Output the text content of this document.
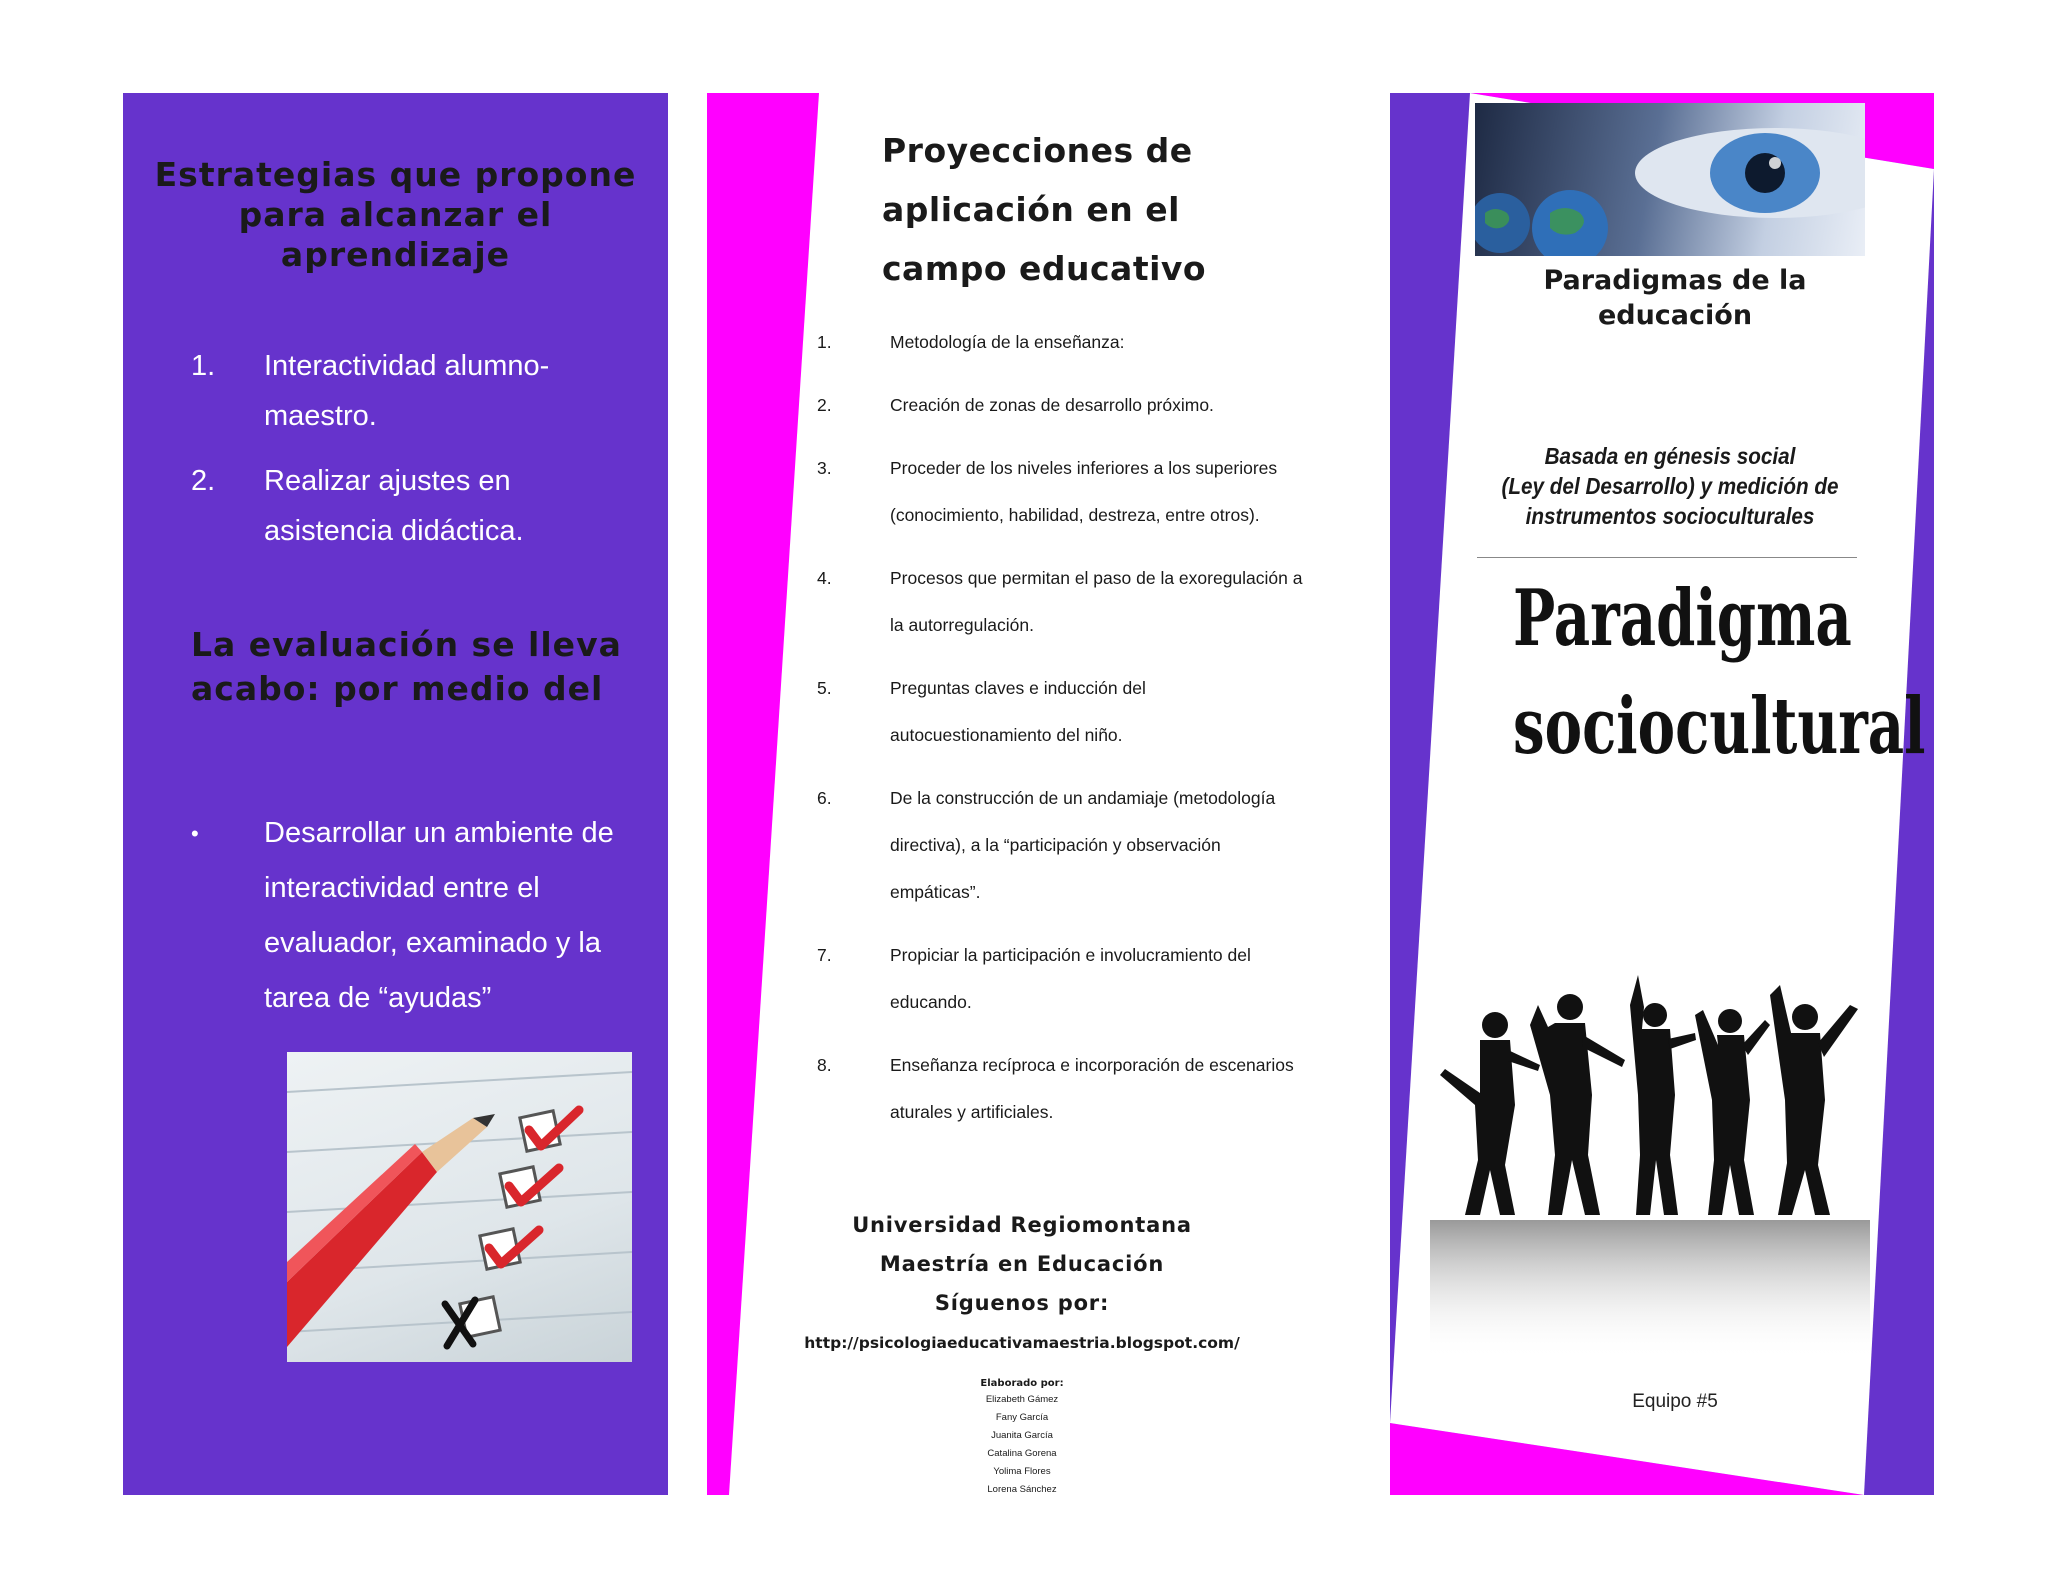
Estrategias que propone para alcanzar el aprendizaje
1. Interactividad alumno-maestro.
2. Realizar ajustes en asistencia didáctica.
La evaluación se lleva acabo: por medio del
• Desarrollar un ambiente de interactividad entre el evaluador, examinado y la tarea de “ayudas”
Proyecciones de aplicación en el campo educativo
1.	Metodología de la enseñanza:
2.	Creación de zonas de desarrollo próximo.
3.	Proceder de los niveles inferiores a los superiores (conocimiento, habilidad, destreza, entre otros).
4.	Procesos que permitan el paso de la exoregulación a la autorregulación.
5.	Preguntas claves e inducción del autocuestionamiento del niño.
6.	De la construcción de un andamiaje (metodología directiva), a la “participación y observación empáticas”.
7.	Propiciar la participación e involucramiento del educando.
8.	Enseñanza recíproca e incorporación de escenarios aturales y artificiales.
Universidad Regiomontana
Maestría en Educación
Síguenos por:
http://psicologiaeducativamaestria.blogspot.com/
Elaborado por:
Elizabeth Gámez
Fany García
Juanita García
Catalina Gorena
Yolima Flores
Lorena Sánchez
Paradigmas de la educación
Basada en génesis social
(Ley del Desarrollo) y medición de
instrumentos socioculturales
Paradigma
sociocultural
Equipo #5
